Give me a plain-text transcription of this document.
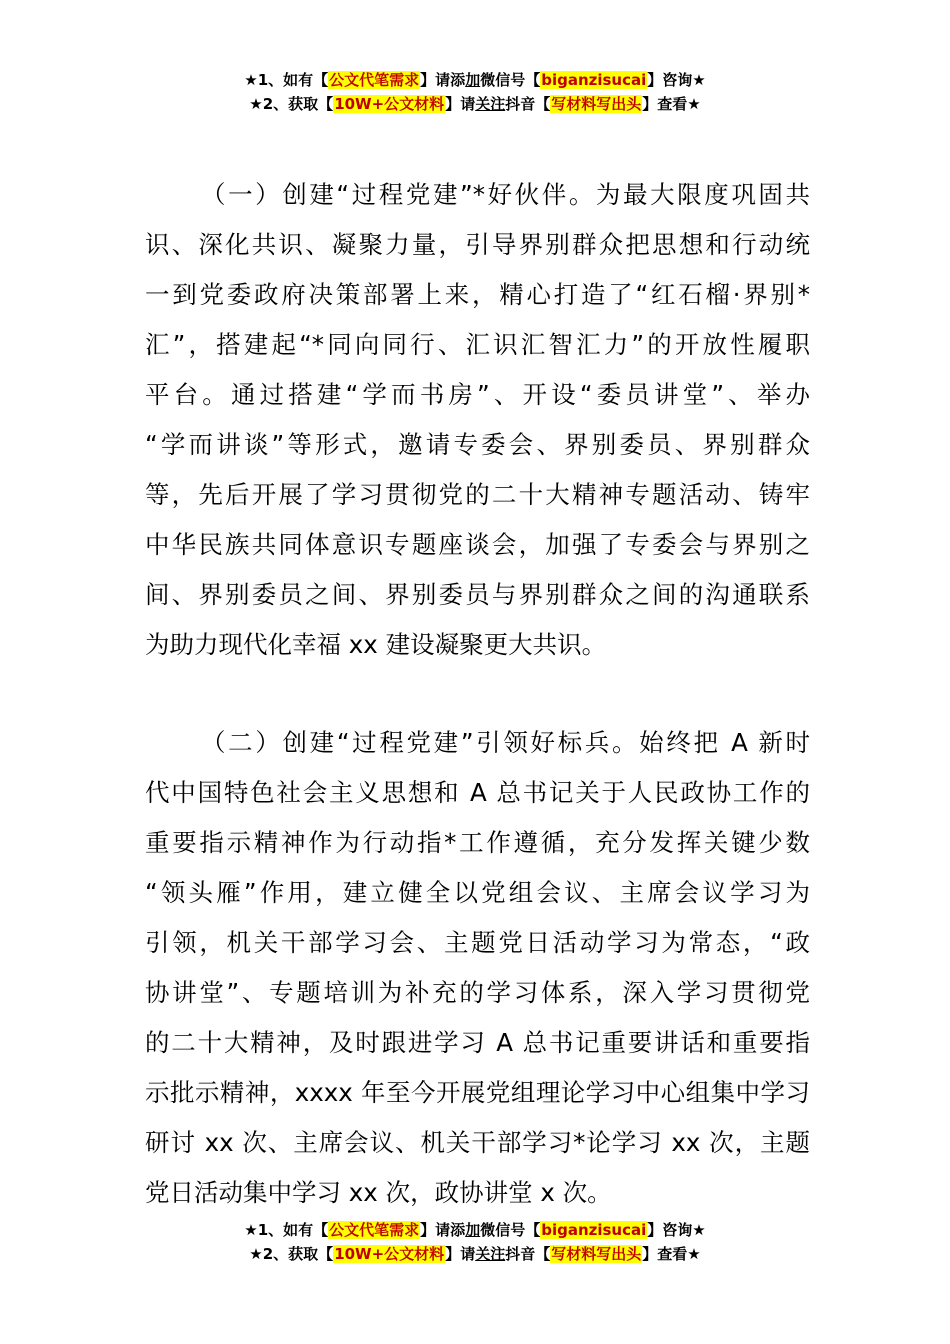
★1、如有【公文代笔需求】请添加微信号【biganzisucai】咨询★
★2、获取【10W+公文材料】请关注抖音【写材料写出头】查看★
（一）创建“过程党建”*好伙伴。为最大限度巩固共
识、深化共识、凝聚力量，引导界别群众把思想和行动统
一到党委政府决策部署上来，精心打造了“红石榴·界别*
汇”，搭建起“*同向同行、汇识汇智汇力”的开放性履职
平台。通过搭建“学而书房”、开设“委员讲堂”、举办
“学而讲谈”等形式，邀请专委会、界别委员、界别群众
等，先后开展了学习贯彻党的二十大精神专题活动、铸牢
中华民族共同体意识专题座谈会，加强了专委会与界别之
间、界别委员之间、界别委员与界别群众之间的沟通联系
为助力现代化幸福 xx 建设凝聚更大共识。
（二）创建“过程党建”引领好标兵。始终把 A 新时
代中国特色社会主义思想和 A 总书记关于人民政协工作的
重要指示精神作为行动指*工作遵循，充分发挥关键少数
“领头雁”作用，建立健全以党组会议、主席会议学习为
引领，机关干部学习会、主题党日活动学习为常态，“政
协讲堂”、专题培训为补充的学习体系，深入学习贯彻党
的二十大精神，及时跟进学习 A 总书记重要讲话和重要指
示批示精神，xxxx 年至今开展党组理论学习中心组集中学习
研讨 xx 次、主席会议、机关干部学习*论学习 xx 次，主题
党日活动集中学习 xx 次，政协讲堂 x 次。
★1、如有【公文代笔需求】请添加微信号【biganzisucai】咨询★
★2、获取【10W+公文材料】请关注抖音【写材料写出头】查看★
